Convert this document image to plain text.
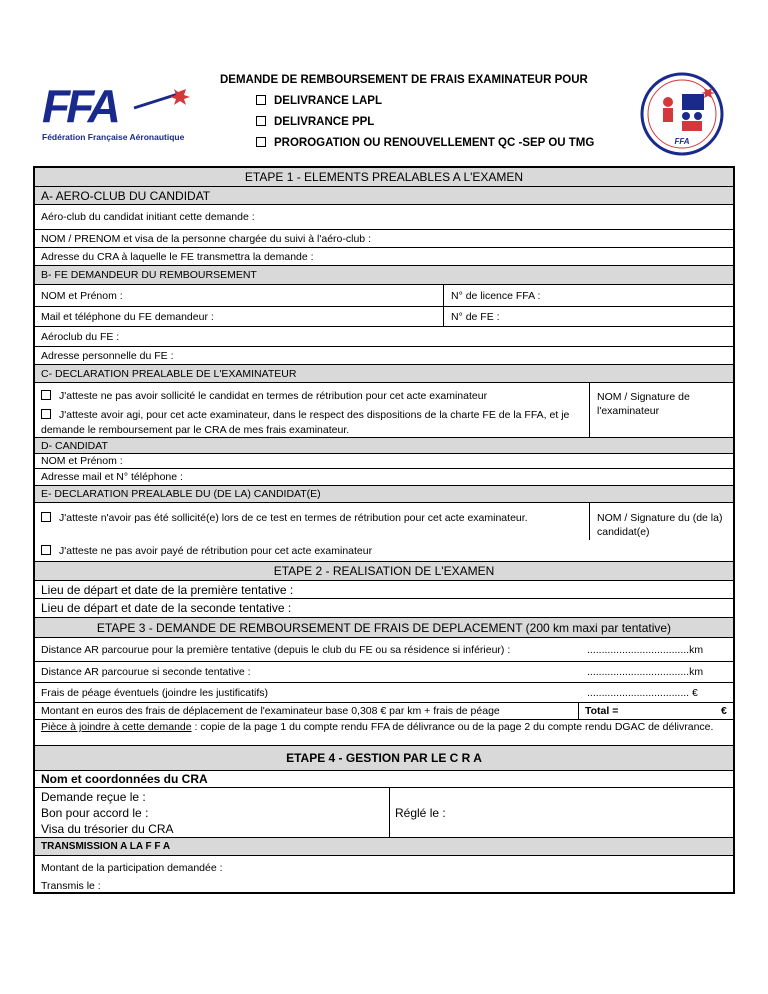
FFA
Fédération Française Aéronautique
DEMANDE DE REMBOURSEMENT DE FRAIS EXAMINATEUR POUR
DELIVRANCE LAPL
DELIVRANCE PPL
PROROGATION OU RENOUVELLEMENT QC -SEP OU TMG	FFA
ETAPE 1 - ELEMENTS PREALABLES A L'EXAMEN
A- AERO-CLUB DU CANDIDAT
Aéro-club du candidat initiant cette demande :
NOM / PRENOM et visa de la personne chargée du suivi à l'aéro-club :
Adresse du CRA à laquelle le FE transmettra la demande :
B- FE DEMANDEUR DU REMBOURSEMENT
NOM et Prénom :	N° de licence FFA :
Mail et téléphone du FE demandeur :	N° de FE :
Aéroclub du FE :
Adresse personnelle du FE :
C- DECLARATION PREALABLE DE L'EXAMINATEUR
J'atteste ne pas avoir sollicité le candidat en termes de rétribution pour cet acte examinateur
J'atteste avoir agi, pour cet acte examinateur, dans le respect des dispositions de la charte FE de la FFA, et je demande le remboursement par le CRA de mes frais examinateur.
NOM / Signature de l'examinateur
D- CANDIDAT
NOM et Prénom :
Adresse mail et N° téléphone :
E- DECLARATION PREALABLE DU (DE LA) CANDIDAT(E)
J'atteste n'avoir pas été sollicité(e) lors de ce test en termes de rétribution pour cet acte examinateur.
J'atteste ne pas avoir payé de rétribution pour cet acte examinateur
NOM / Signature du (de la) candidat(e)
ETAPE 2 - REALISATION DE L'EXAMEN
Lieu de départ et date de la première tentative :
Lieu de départ et date de la seconde tentative :
ETAPE 3 - DEMANDE DE REMBOURSEMENT DE FRAIS DE DEPLACEMENT (200 km maxi par tentative)
Distance AR parcourue pour la première tentative (depuis le club du FE ou sa résidence si inférieur) :	...................................km
Distance AR parcourue si seconde tentative :	...................................km
Frais de péage éventuels (joindre les justificatifs)	................................... €
Montant en euros des frais de déplacement de l'examinateur base 0,308 € par km + frais de péage	Total =	€
Pièce à joindre à cette demande : copie de la page 1 du compte rendu FFA de délivrance ou de la page 2 du compte rendu DGAC de délivrance.
ETAPE 4 - GESTION PAR LE C R A
Nom et coordonnées du CRA
Demande reçue le :
Bon pour accord le :
Visa du trésorier du CRA
Réglé le :
TRANSMISSION A LA F F A
Montant de la participation demandée :
Transmis le :
